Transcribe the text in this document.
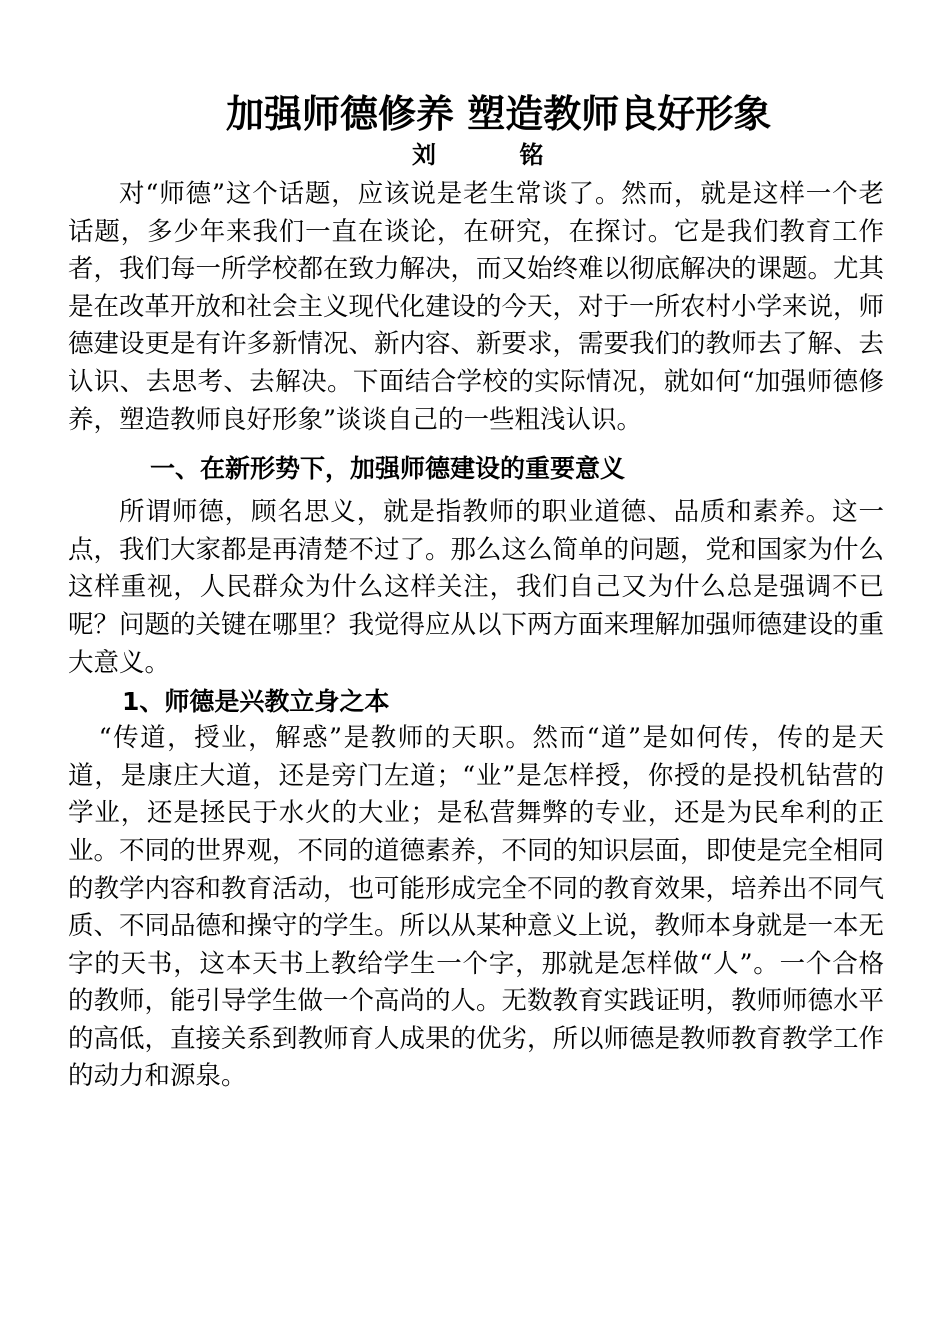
加强师德修养 塑造教师良好形象
刘          铭

对“师德”这个话题，应该说是老生常谈了。然而，就是这样一个老话题，多少年来我们一直在谈论，在研究，在探讨。它是我们教育工作者，我们每一所学校都在致力解决，而又始终难以彻底解决的课题。尤其是在改革开放和社会主义现代化建设的今天，对于一所农村小学来说，师德建设更是有许多新情况、新内容、新要求，需要我们的教师去了解、去认识、去思考、去解决。下面结合学校的实际情况，就如何“加强师德修养，塑造教师良好形象”谈谈自己的一些粗浅认识。

一、在新形势下，加强师德建设的重要意义

所谓师德，顾名思义，就是指教师的职业道德、品质和素养。这一点，我们大家都是再清楚不过了。那么这么简单的问题，党和国家为什么这样重视，人民群众为什么这样关注，我们自己又为什么总是强调不已呢？问题的关键在哪里？我觉得应从以下两方面来理解加强师德建设的重大意义。

1、师德是兴教立身之本

“传道，授业，解惑”是教师的天职。然而“道”是如何传，传的是天道，是康庄大道，还是旁门左道；“业”是怎样授，你授的是投机钻营的学业，还是拯民于水火的大业；是私营舞弊的专业，还是为民牟利的正业。不同的世界观，不同的道德素养，不同的知识层面，即使是完全相同的教学内容和教育活动，也可能形成完全不同的教育效果，培养出不同气质、不同品德和操守的学生。所以从某种意义上说，教师本身就是一本无字的天书，这本天书上教给学生一个字，那就是怎样做“人”。一个合格的教师，能引导学生做一个高尚的人。无数教育实践证明，教师师德水平的高低，直接关系到教师育人成果的优劣，所以师德是教师教育教学工作的动力和源泉。
